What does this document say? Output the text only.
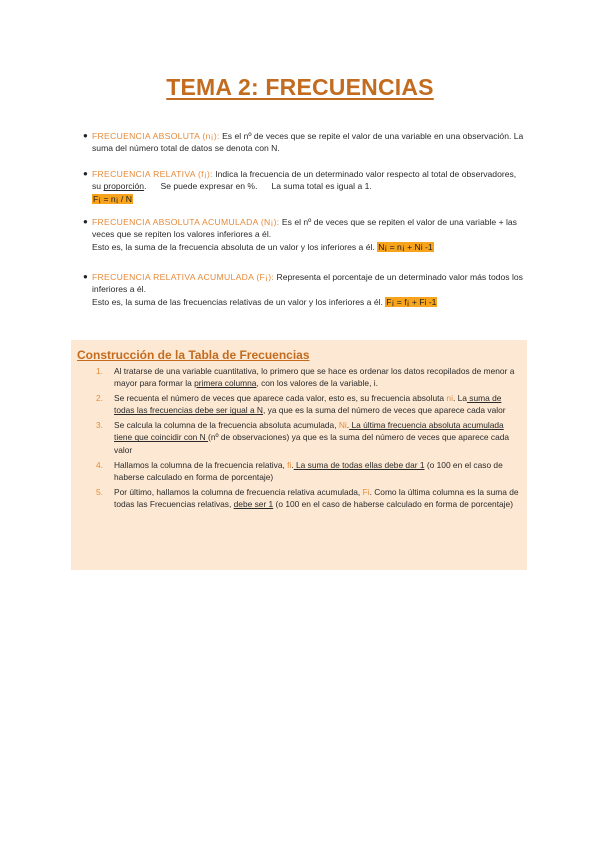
TEMA 2: FRECUENCIAS
● FRECUENCIA ABSOLUTA (n¡): Es el nº de veces que se repite el valor de una variable en una observación. La suma del número total de datos se denota con N.
● FRECUENCIA RELATIVA (f¡): Indica la frecuencia de un determinado valor respecto al total de observadores, su proporción. Se puede expresar en %. La suma total es igual a 1.
F¡ = n¡ / N
● FRECUENCIA ABSOLUTA ACUMULADA (N¡): Es el nº de veces que se repiten el valor de una variable + las veces que se repiten los valores inferiores a él.
Esto es, la suma de la frecuencia absoluta de un valor y los inferiores a él. N¡ = n¡ + Ni -1
● FRECUENCIA RELATIVA ACUMULADA (F¡): Representa el porcentaje de un determinado valor más todos los inferiores a él.
Esto es, la suma de las frecuencias relativas de un valor y los inferiores a él. F¡ = f¡ + Fi -1
Construcción de la Tabla de Frecuencias
1. Al tratarse de una variable cuantitativa, lo primero que se hace es ordenar los datos recopilados de menor a mayor para formar la primera columna, con los valores de la variable, i.
2. Se recuenta el número de veces que aparece cada valor, esto es, su frecuencia absoluta ni. La suma de todas las frecuencias debe ser igual a N, ya que es la suma del número de veces que aparece cada valor
3. Se calcula la columna de la frecuencia absoluta acumulada, Ni. La última frecuencia absoluta acumulada tiene que coincidir con N (nº de observaciones) ya que es la suma del número de veces que aparece cada valor
4. Hallamos la columna de la frecuencia relativa, fi. La suma de todas ellas debe dar 1 (o 100 en el caso de haberse calculado en forma de porcentaje)
5. Por último, hallamos la columna de frecuencia relativa acumulada, Fi. Como la última columna es la suma de todas las Frecuencias relativas, debe ser 1 (o 100 en el caso de haberse calculado en forma de porcentaje)
